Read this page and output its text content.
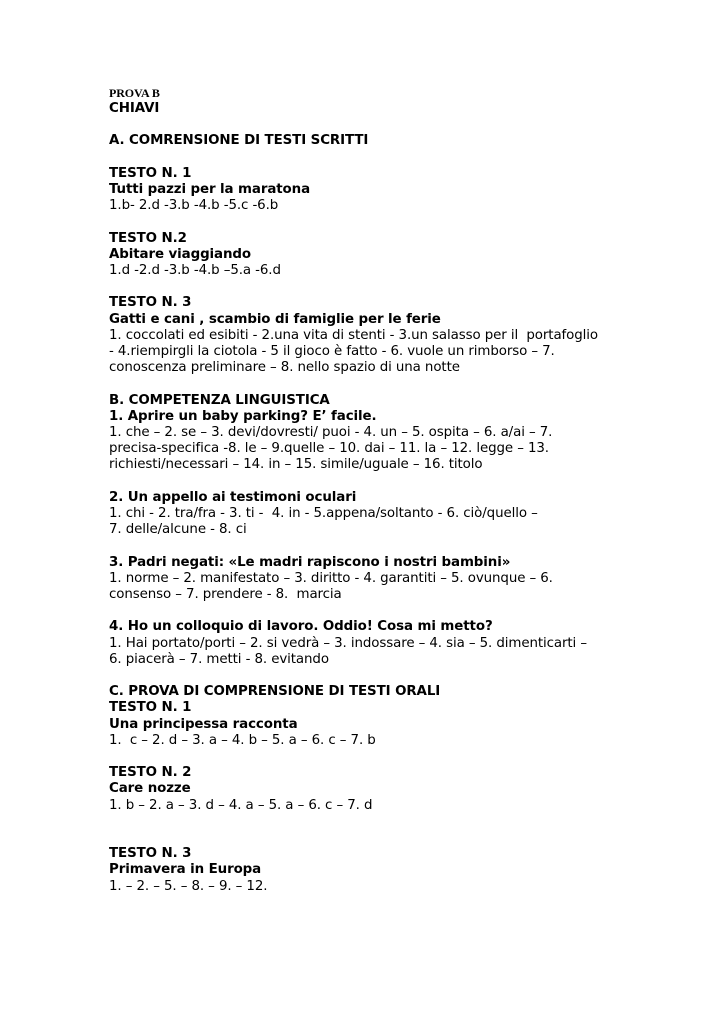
PROVA B
CHIAVI
A. COMRENSIONE DI TESTI SCRITTI
TESTO N. 1
Tutti pazzi per la maratona
1.b- 2.d -3.b -4.b -5.c -6.b
TESTO N.2
Abitare viaggiando
1.d -2.d -3.b -4.b –5.a -6.d
TESTO N. 3
Gatti e cani , scambio di famiglie per le ferie
1. coccolati ed esibiti - 2.una vita di stenti - 3.un salasso per il  portafoglio
- 4.riempirgli la ciotola - 5 il gioco è fatto - 6. vuole un rimborso – 7.
conoscenza preliminare – 8. nello spazio di una notte
B. COMPETENZA LINGUISTICA
1. Aprire un baby parking? E’ facile.
1. che – 2. se – 3. devi/dovresti/ puoi - 4. un – 5. ospita – 6. a/ai – 7.
precisa-specifica -8. le – 9.quelle – 10. dai – 11. la – 12. legge – 13.
richiesti/necessari – 14. in – 15. simile/uguale – 16. titolo
2. Un appello ai testimoni oculari
1. chi - 2. tra/fra - 3. ti -  4. in - 5.appena/soltanto - 6. ciò/quello –
7. delle/alcune - 8. ci
3. Padri negati: «Le madri rapiscono i nostri bambini»
1. norme – 2. manifestato – 3. diritto - 4. garantiti – 5. ovunque – 6.
consenso – 7. prendere - 8.  marcia
4. Ho un colloquio di lavoro. Oddio! Cosa mi metto?
1. Hai portato/porti – 2. si vedrà – 3. indossare – 4. sia – 5. dimenticarti –
6. piacerà – 7. metti - 8. evitando
C. PROVA DI COMPRENSIONE DI TESTI ORALI
TESTO N. 1
Una principessa racconta
1.  c – 2. d – 3. a – 4. b – 5. a – 6. c – 7. b
TESTO N. 2
Care nozze
1. b – 2. a – 3. d – 4. a – 5. a – 6. c – 7. d
TESTO N. 3
Primavera in Europa
1. – 2. – 5. – 8. – 9. – 12.
